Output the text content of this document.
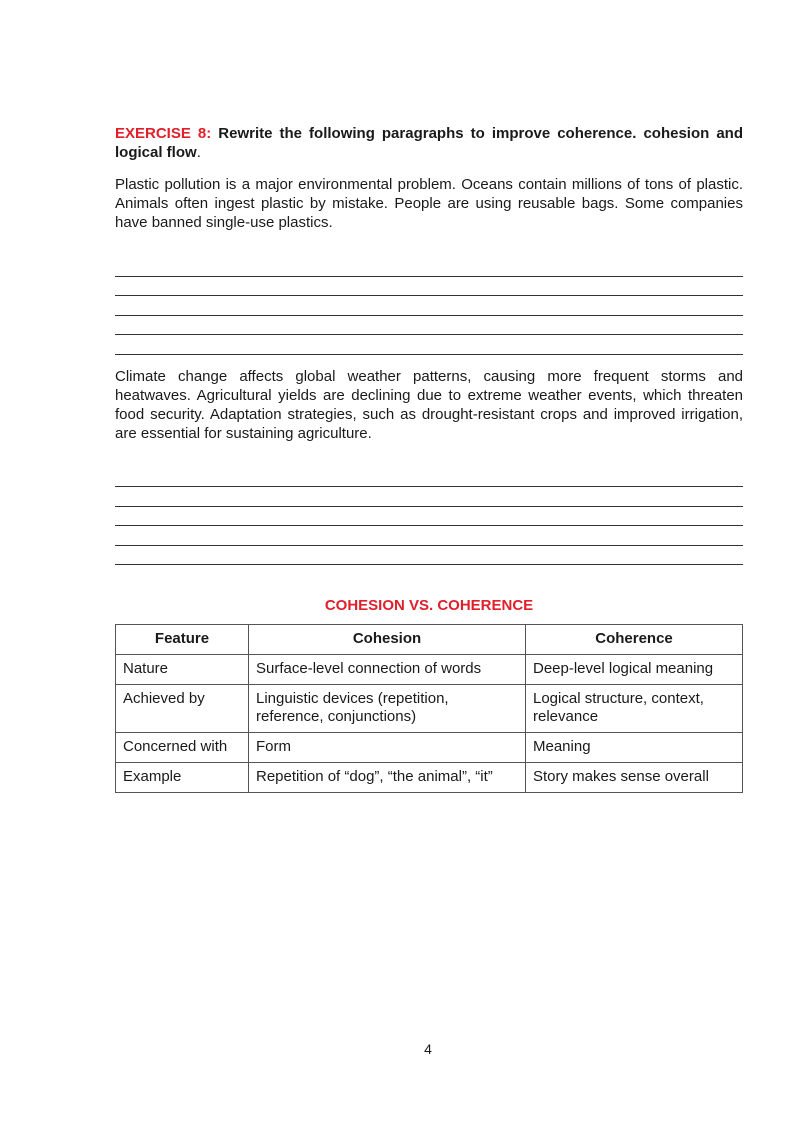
EXERCISE 8: Rewrite the following paragraphs to improve coherence. cohesion and logical flow.

Plastic pollution is a major environmental problem. Oceans contain millions of tons of plastic. Animals often ingest plastic by mistake. People are using reusable bags. Some companies have banned single-use plastics.

Climate change affects global weather patterns, causing more frequent storms and heatwaves. Agricultural yields are declining due to extreme weather events, which threaten food security. Adaptation strategies, such as drought-resistant crops and improved irrigation, are essential for sustaining agriculture.

COHESION VS. COHERENCE
Feature	Cohesion	Coherence
Nature	Surface-level connection of words	Deep-level logical meaning
Achieved by	Linguistic devices (repetition, reference, conjunctions)	Logical structure, context, relevance
Concerned with	Form	Meaning
Example	Repetition of “dog”, “the animal”, “it”	Story makes sense overall
4
